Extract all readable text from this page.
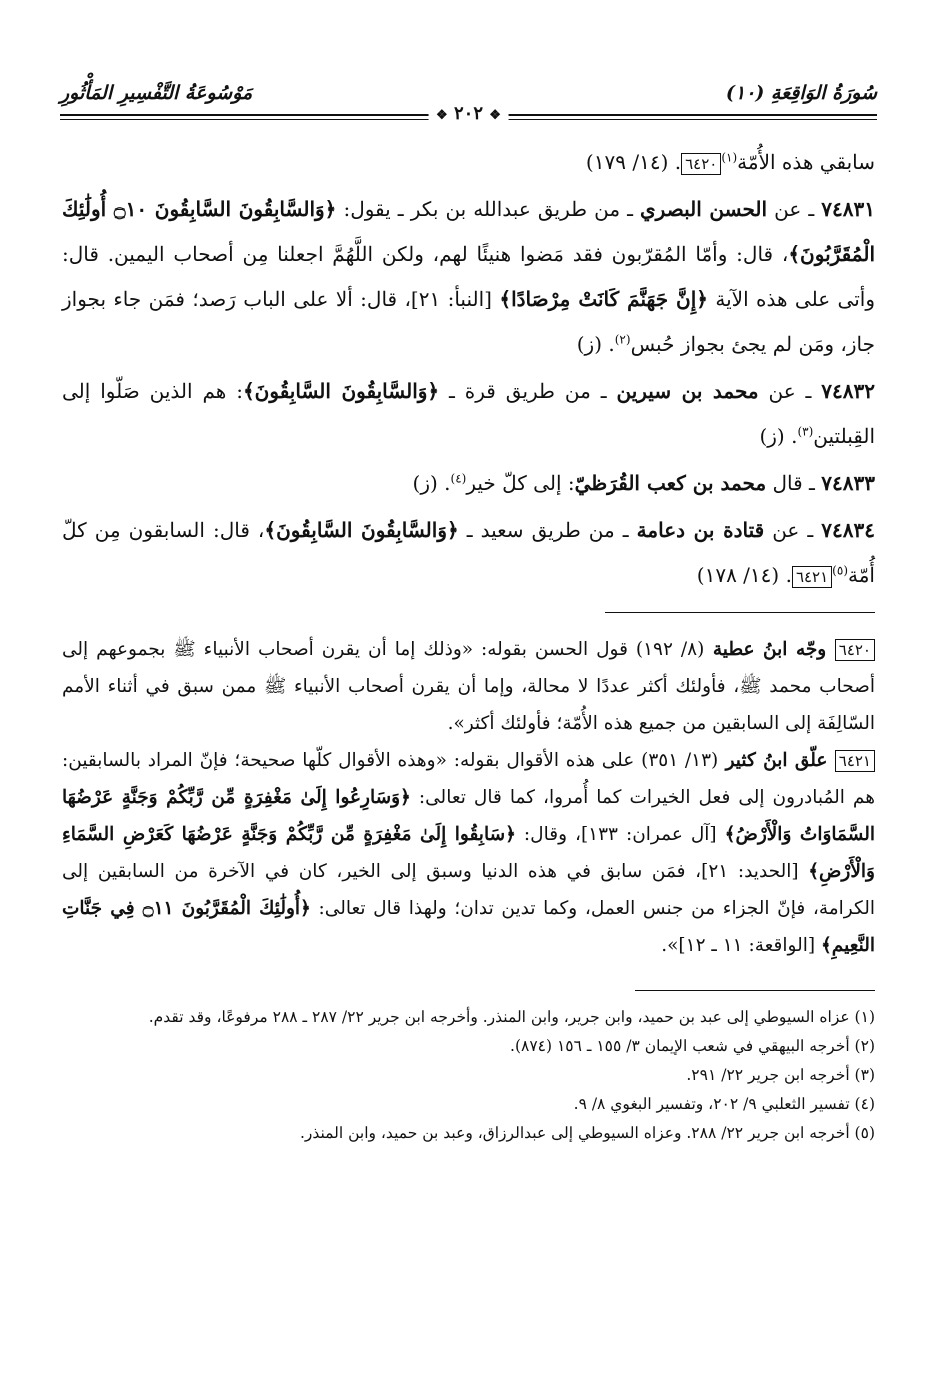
سُورَةُ الوَاقِعَةِ (١٠)
مَوْسُوعَةُ التَّفْسِيرِ المَأْثُورِ
❖ ٢٠٢ ❖

سابقي هذه الأُمّة$^{(١)}$٦٤٢٠. (١٤/ ١٧٩)

٧٤٨٣١ ـ عن الحسن البصري ـ من طريق عبدالله بن بكر ـ يقول: ﴿وَالسَّابِقُونَ السَّابِقُونَ ۝١٠ أُولَٰئِكَ الْمُقَرَّبُونَ﴾، قال: وأمّا المُقرّبون فقد مَضوا هنيئًا لهم، ولكن اللَّهُمَّ اجعلنا مِن أصحاب اليمين. قال: وأتى على هذه الآية ﴿إِنَّ جَهَنَّمَ كَانَتْ مِرْصَادًا﴾ [النبأ: ٢١]، قال: ألا على الباب رَصد؛ فمَن جاء بجواز جاز، ومَن لم يجئ بجواز حُبس$^{(٢)}$. (ز)

٧٤٨٣٢ ـ عن محمد بن سيرين ـ من طريق قرة ـ ﴿وَالسَّابِقُونَ السَّابِقُونَ﴾: هم الذين صَلّوا إلى القِبلتين$^{(٣)}$. (ز)

٧٤٨٣٣ ـ قال محمد بن كعب القُرَظيّ: إلى كلّ خير$^{(٤)}$. (ز)

٧٤٨٣٤ ـ عن قتادة بن دعامة ـ من طريق سعيد ـ ﴿وَالسَّابِقُونَ السَّابِقُونَ﴾، قال: السابقون مِن كلّ أُمّة$^{(٥)}$٦٤٢١. (١٤/ ١٧٨)

٦٤٢٠ وجّه ابنُ عطية (٨/ ١٩٢) قول الحسن بقوله: «وذلك إما أن يقرن أصحاب الأنبياء ﷺ بجموعهم إلى أصحاب محمد ﷺ، فأولئك أكثر عددًا لا محالة، وإما أن يقرن أصحاب الأنبياء ﷺ ممن سبق في أثناء الأمم السّالِفَة إلى السابقين من جميع هذه الأُمّة؛ فأولئك أكثر».

٦٤٢١ علّق ابنُ كثير (١٣/ ٣٥١) على هذه الأقوال بقوله: «وهذه الأقوال كلّها صحيحة؛ فإنّ المراد بالسابقين: هم المُبادرون إلى فعل الخيرات كما أُمروا، كما قال تعالى: ﴿وَسَارِعُوا إِلَىٰ مَغْفِرَةٍ مِّن رَّبِّكُمْ وَجَنَّةٍ عَرْضُهَا السَّمَاوَاتُ وَالْأَرْضُ﴾ [آل عمران: ١٣٣]، وقال: ﴿سَابِقُوا إِلَىٰ مَغْفِرَةٍ مِّن رَّبِّكُمْ وَجَنَّةٍ عَرْضُهَا كَعَرْضِ السَّمَاءِ وَالْأَرْضِ﴾ [الحديد: ٢١]، فمَن سابق في هذه الدنيا وسبق إلى الخير، كان في الآخرة من السابقين إلى الكرامة، فإنّ الجزاء من جنس العمل، وكما تدين تدان؛ ولهذا قال تعالى: ﴿أُولَٰئِكَ الْمُقَرَّبُونَ ۝١١ فِي جَنَّاتِ النَّعِيمِ﴾ [الواقعة: ١١ ـ ١٢]».

(١) عزاه السيوطي إلى عبد بن حميد، وابن جرير، وابن المنذر. وأخرجه ابن جرير ٢٢/ ٢٨٧ ـ ٢٨٨ مرفوعًا، وقد تقدم.

(٢) أخرجه البيهقي في شعب الإيمان ٣/ ١٥٥ ـ ١٥٦ (٨٧٤).

(٣) أخرجه ابن جرير ٢٢/ ٢٩١.

(٤) تفسير الثعلبي ٩/ ٢٠٢، وتفسير البغوي ٨/ ٩.

(٥) أخرجه ابن جرير ٢٢/ ٢٨٨. وعزاه السيوطي إلى عبدالرزاق، وعبد بن حميد، وابن المنذر.
